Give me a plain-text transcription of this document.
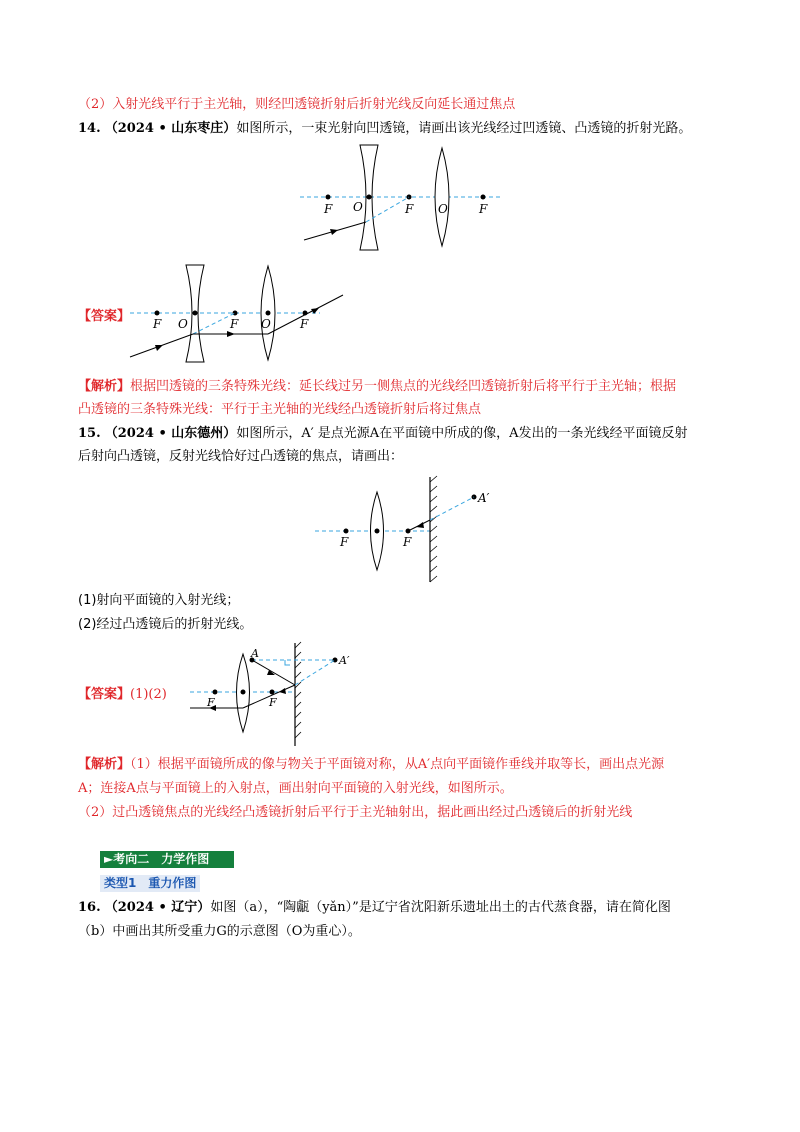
（2）入射光线平行于主光轴，则经凹透镜折射后折射光线反向延长通过焦点
14. （2024 • 山东枣庄）如图所示，一束光射向凹透镜，请画出该光线经过凹透镜、凸透镜的折射光路。
F O	F O	F
【答案】 F O	F O F
【解析】根据凹透镜的三条特殊光线：延长线过另一侧焦点的光线经凹透镜折射后将平行于主光轴；根据
凸透镜的三条特殊光线：平行于主光轴的光线经凸透镜折射后将过焦点
15. （2024 • 山东德州）如图所示，A′ 是点光源A在平面镜中所成的像，A发出的一条光线经平面镜反射
后射向凸透镜，反射光线恰好过凸透镜的焦点，请画出：
F	F
A′
(1)射向平面镜的入射光线；
(2)经过凸透镜后的折射光线。
【答案】(1)(2)
A
A′
F	F
【解析】（1）根据平面镜所成的像与物关于平面镜对称，从A′点向平面镜作垂线并取等长，画出点光源
A；连接A点与平面镜上的入射点，画出射向平面镜的入射光线，如图所示。
（2）过凸透镜焦点的光线经凸透镜折射后平行于主光轴射出，据此画出经过凸透镜后的折射光线
►考向二　力学作图
类型1　重力作图
16. （2024 • 辽宁）如图（a），“陶甗（yǎn）”是辽宁省沈阳新乐遗址出土的古代蒸食器，请在简化图
（b）中画出其所受重力G的示意图（O为重心）。
